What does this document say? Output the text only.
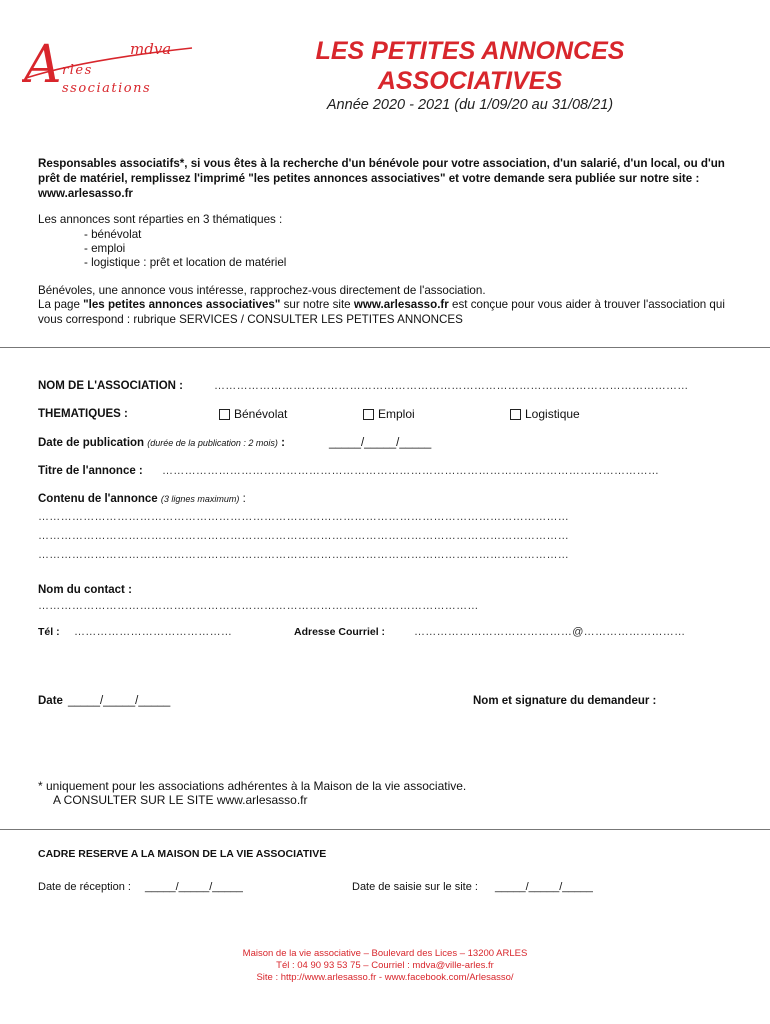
A	mdva
rles
ssociations
LES PETITES ANNONCES
ASSOCIATIVES
Année 2020 - 2021 (du 1/09/20 au 31/08/21)
Responsables associatifs*, si vous êtes à la recherche d'un bénévole pour votre association, d'un salarié, d'un local, ou d'un prêt de matériel, remplissez l'imprimé "les petites annonces associatives" et votre demande sera publiée sur notre site : www.arlesasso.fr
Les annonces sont réparties en 3 thématiques :
- bénévolat
- emploi
- logistique : prêt et location de matériel
Bénévoles, une annonce vous intéresse, rapprochez-vous directement de l'association.
La page "les petites annonces associatives" sur notre site www.arlesasso.fr est conçue pour vous aider à trouver l'association qui vous correspond : rubrique SERVICES / CONSULTER LES PETITES ANNONCES
NOM DE L'ASSOCIATION :	………………………………………………………………………………………………………………
THEMATIQUES :	Bénévolat	Emploi	Logistique
Date de publication (durée de la publication : 2 mois) :	_____/_____/_____
Titre de l'annonce : ……………………………………………………………………………………………………………………
Contenu de l'annonce (3 lignes maximum) :
……………………………………………………………………………………………………………………………
……………………………………………………………………………………………………………………………
……………………………………………………………………………………………………………………………
Nom du contact :
………………………………………………………………………………………………………
Tél : ……………………………………	Adresse Courriel :	……………………………………@………………………
Date _____/_____/_____	Nom et signature du demandeur :
* uniquement pour les associations adhérentes à la Maison de la vie associative.
A CONSULTER SUR LE SITE www.arlesasso.fr
CADRE RESERVE A LA MAISON DE LA VIE ASSOCIATIVE
Date de réception : _____/_____/_____	Date de saisie sur le site : _____/_____/_____
Maison de la vie associative – Boulevard des Lices – 13200 ARLES
Tél : 04 90 93 53 75 – Courriel : mdva@ville-arles.fr
Site : http://www.arlesasso.fr - www.facebook.com/Arlesasso/
